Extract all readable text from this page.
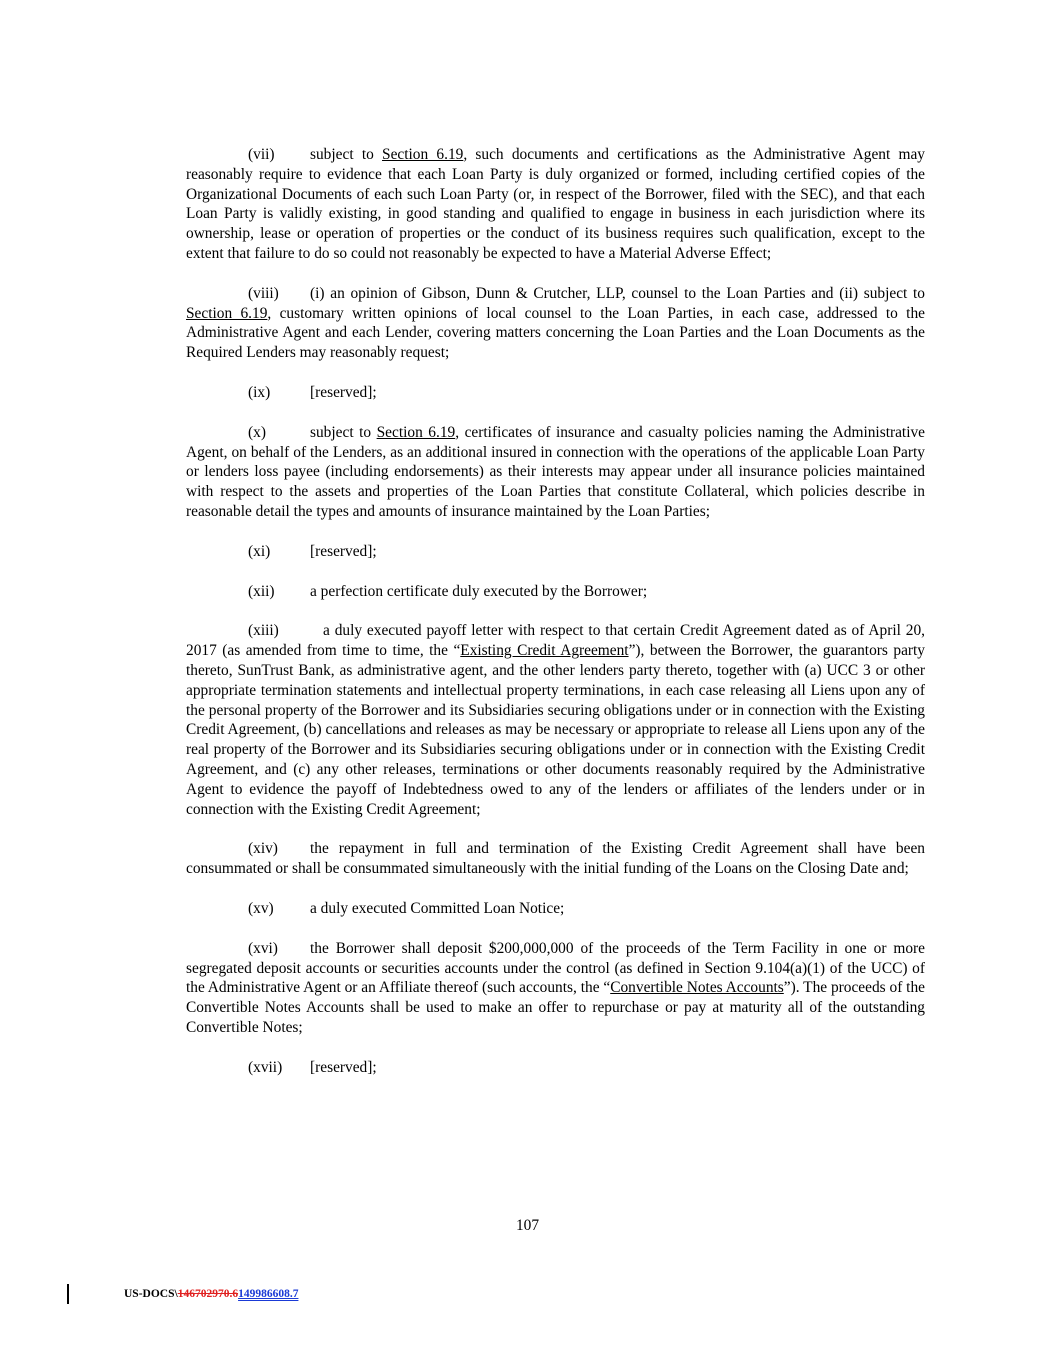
(vii) subject to Section 6.19, such documents and certifications as the Administrative Agent may reasonably require to evidence that each Loan Party is duly organized or formed, including certified copies of the Organizational Documents of each such Loan Party (or, in respect of the Borrower, filed with the SEC), and that each Loan Party is validly existing, in good standing and qualified to engage in business in each jurisdiction where its ownership, lease or operation of properties or the conduct of its business requires such qualification, except to the extent that failure to do so could not reasonably be expected to have a Material Adverse Effect;

(viii) (i) an opinion of Gibson, Dunn & Crutcher, LLP, counsel to the Loan Parties and (ii) subject to Section 6.19, customary written opinions of local counsel to the Loan Parties, in each case, addressed to the Administrative Agent and each Lender, covering matters concerning the Loan Parties and the Loan Documents as the Required Lenders may reasonably request;

(ix)	[reserved];

(x)	subject to Section 6.19, certificates of insurance and casualty policies naming the Administrative Agent, on behalf of the Lenders, as an additional insured in connection with the operations of the applicable Loan Party or lenders loss payee (including endorsements) as their interests may appear under all insurance policies maintained with respect to the assets and properties of the Loan Parties that constitute Collateral, which policies describe in reasonable detail the types and amounts of insurance maintained by the Loan Parties;

(xi)	[reserved];

(xii) a perfection certificate duly executed by the Borrower;

(xiii)	a duly executed payoff letter with respect to that certain Credit Agreement dated as of April 20, 2017 (as amended from time to time, the “Existing Credit Agreement”), between the Borrower, the guarantors party thereto, SunTrust Bank, as administrative agent, and the other lenders party thereto, together with (a) UCC 3 or other appropriate termination statements and intellectual property terminations, in each case releasing all Liens upon any of the personal property of the Borrower and its Subsidiaries securing obligations under or in connection with the Existing Credit Agreement, (b) cancellations and releases as may be necessary or appropriate to release all Liens upon any of the real property of the Borrower and its Subsidiaries securing obligations under or in connection with the Existing Credit Agreement, and (c) any other releases, terminations or other documents reasonably required by the Administrative Agent to evidence the payoff of Indebtedness owed to any of the lenders or affiliates of the lenders under or in connection with the Existing Credit Agreement;

(xiv) the repayment in full and termination of the Existing Credit Agreement shall have been consummated or shall be consummated simultaneously with the initial funding of the Loans on the Closing Date and;

(xv) a duly executed Committed Loan Notice;

(xvi) the Borrower shall deposit $200,000,000 of the proceeds of the Term Facility in one or more segregated deposit accounts or securities accounts under the control (as defined in Section 9.104(a)(1) of the UCC) of the Administrative Agent or an Affiliate thereof (such accounts, the “Convertible Notes Accounts”). The proceeds of the Convertible Notes Accounts shall be used to make an offer to repurchase or pay at maturity all of the outstanding Convertible Notes;

(xvii) [reserved];

107
US-DOCS\146702970.6149986608.7
